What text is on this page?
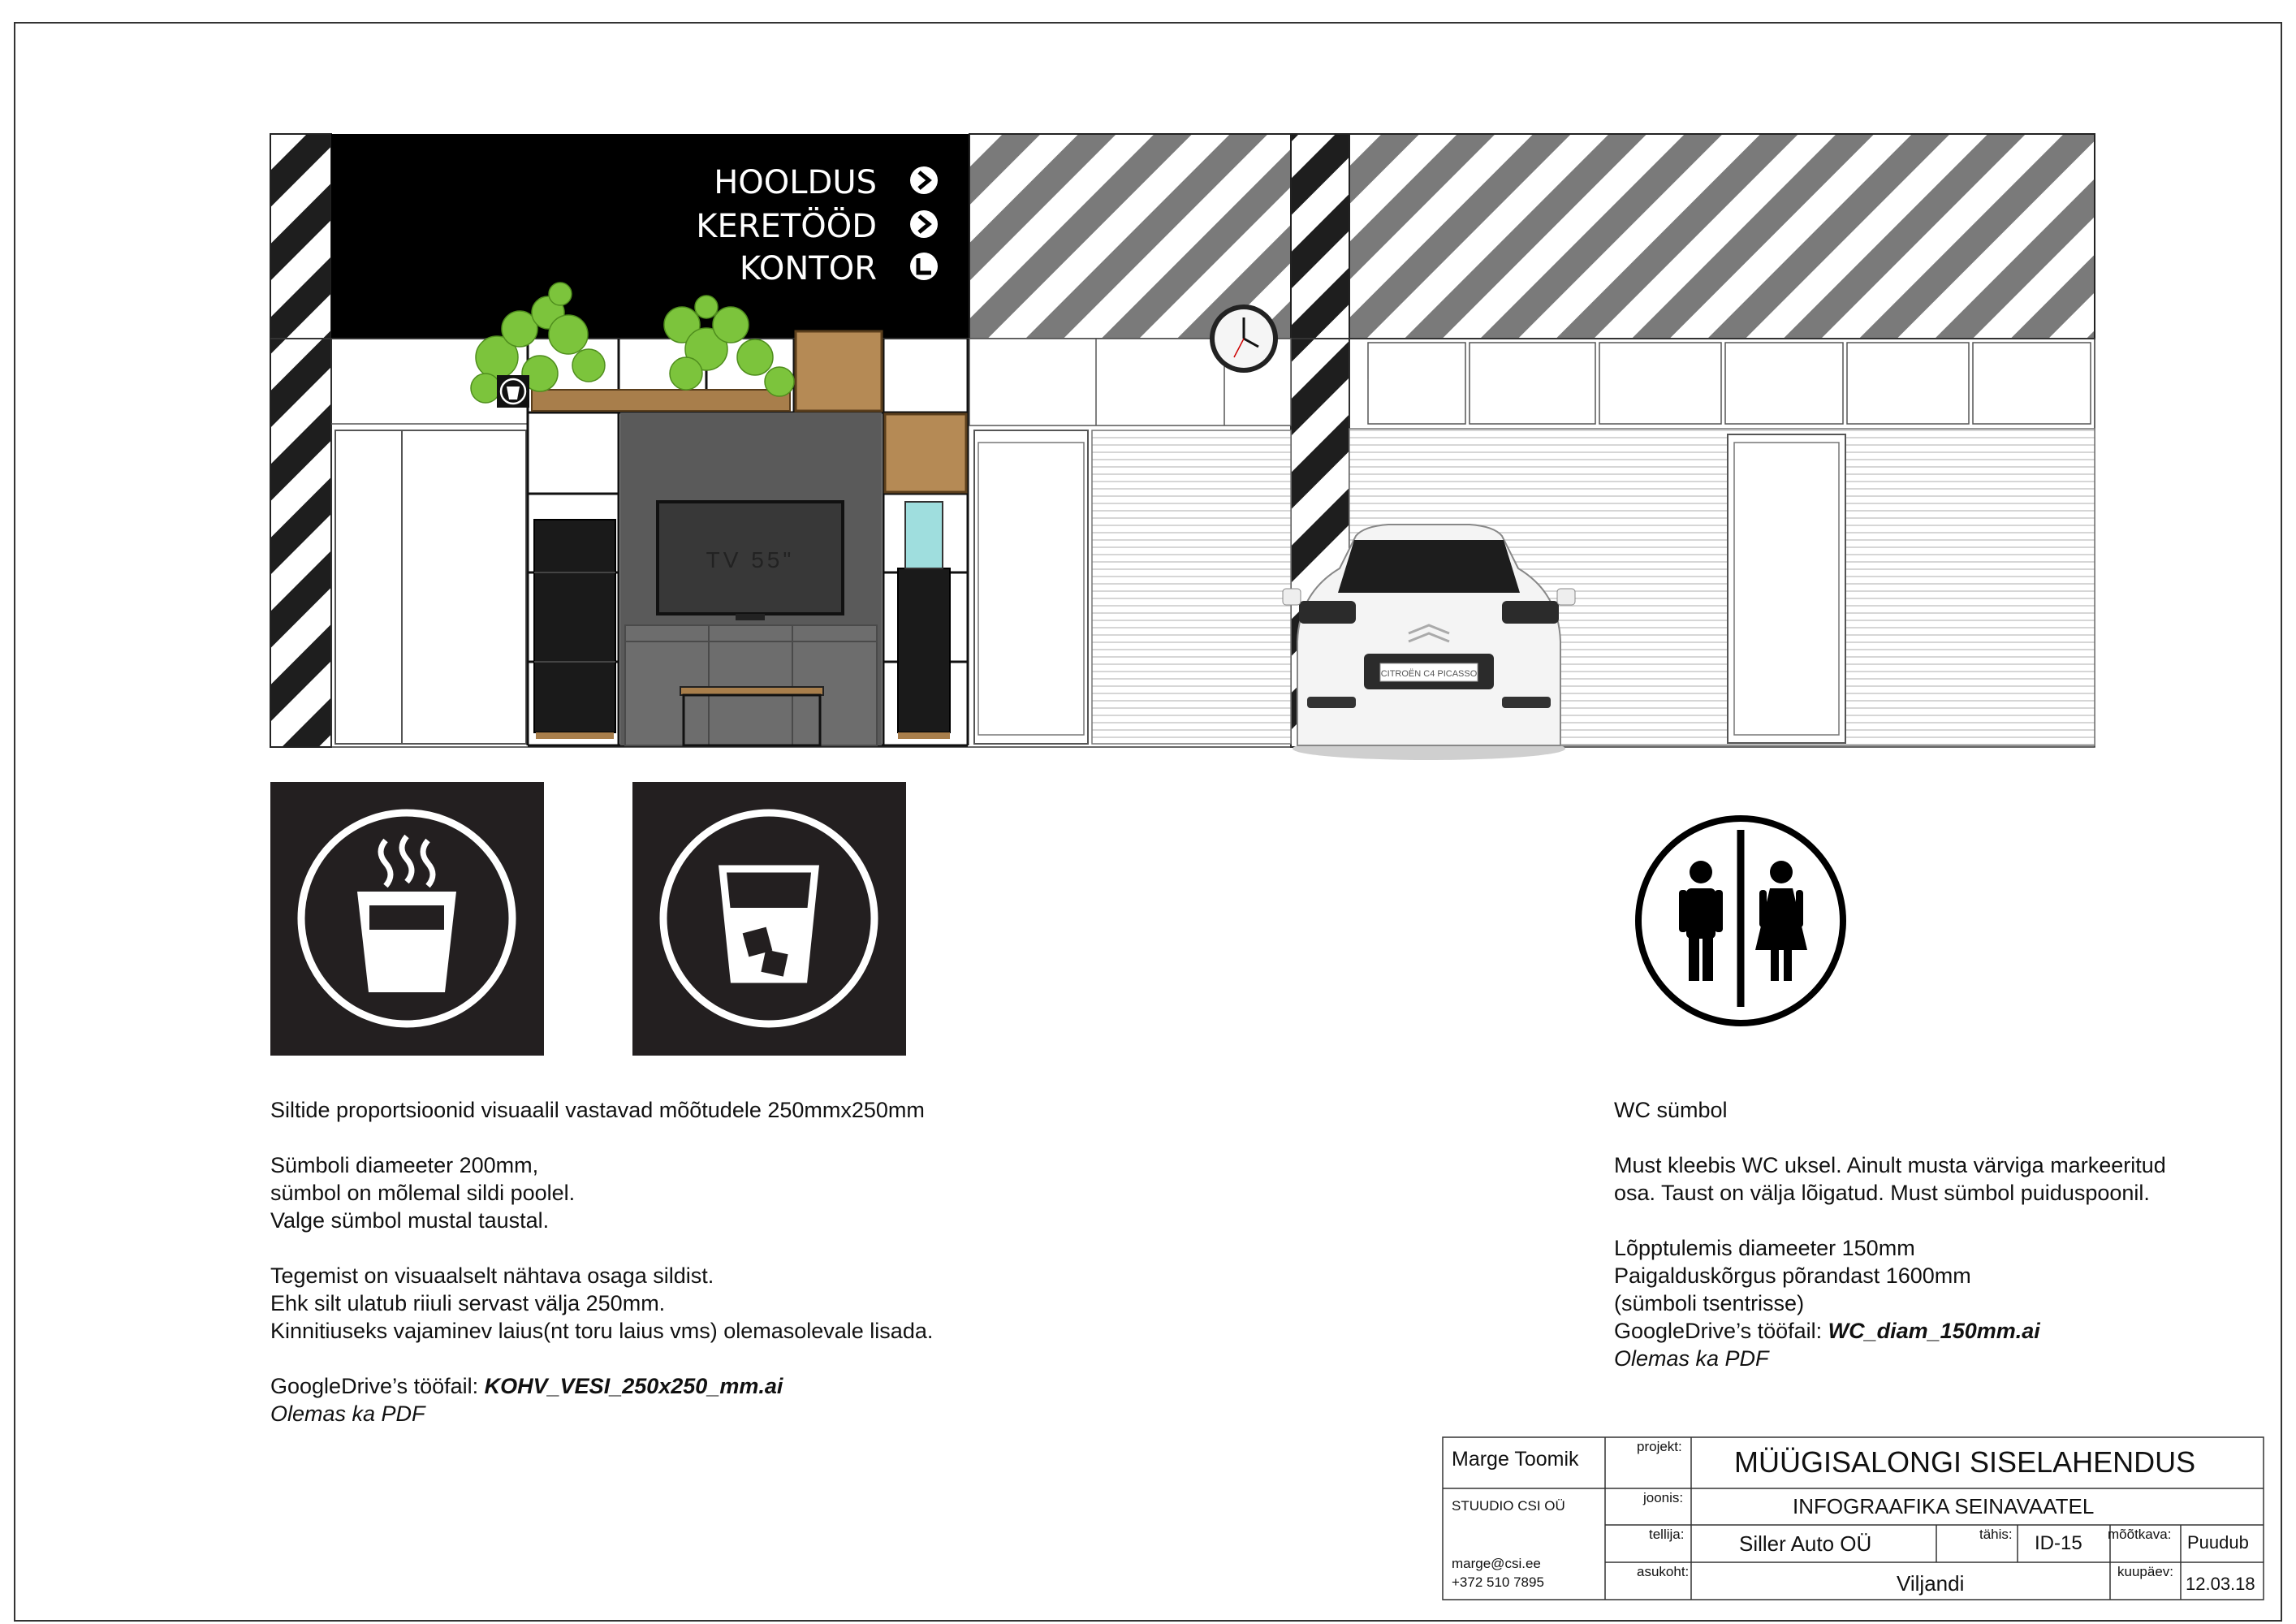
TV 55"
CITROËN C4 PICASSO
HOOLDUS
KERETÖÖD
KONTOR

Siltide proportsioonid visuaalil vastavad mõõtudele 250mmx250mm

Sümboli diameeter 200mm,

sümbol on mõlemal sildi poolel.

Valge sümbol mustal taustal.

Tegemist on visuaalselt nähtava osaga sildist.

Ehk silt ulatub riiuli servast välja 250mm.

Kinnitiuseks vajaminev laius(nt toru laius vms) olemasolevale lisada.

GoogleDrive’s tööfail: KOHV_VESI_250x250_mm.ai

Olemas ka PDF

WC sümbol

Must kleebis WC uksel. Ainult musta värviga markeeritud

osa. Taust on välja lõigatud. Must sümbol puiduspoonil.

Lõpptulemis diameeter 150mm

Paigalduskõrgus põrandast 1600mm

(sümboli tsentrisse)

GoogleDrive’s tööfail: WC_diam_150mm.ai

Olemas ka PDF

Marge Toomik
STUUDIO CSI OÜ
marge@csi.ee
+372 510 7895
projekt: MÜÜGISALONGI SISELAHENDUS
joonis:	INFOGRAAFIKA SEINAVAATEL
tellija:	Siller Auto OÜ	tähis: ID-15 mõõtkava: Puudub
asukoht:	Viljandi	kuupäev:
12.03.18
